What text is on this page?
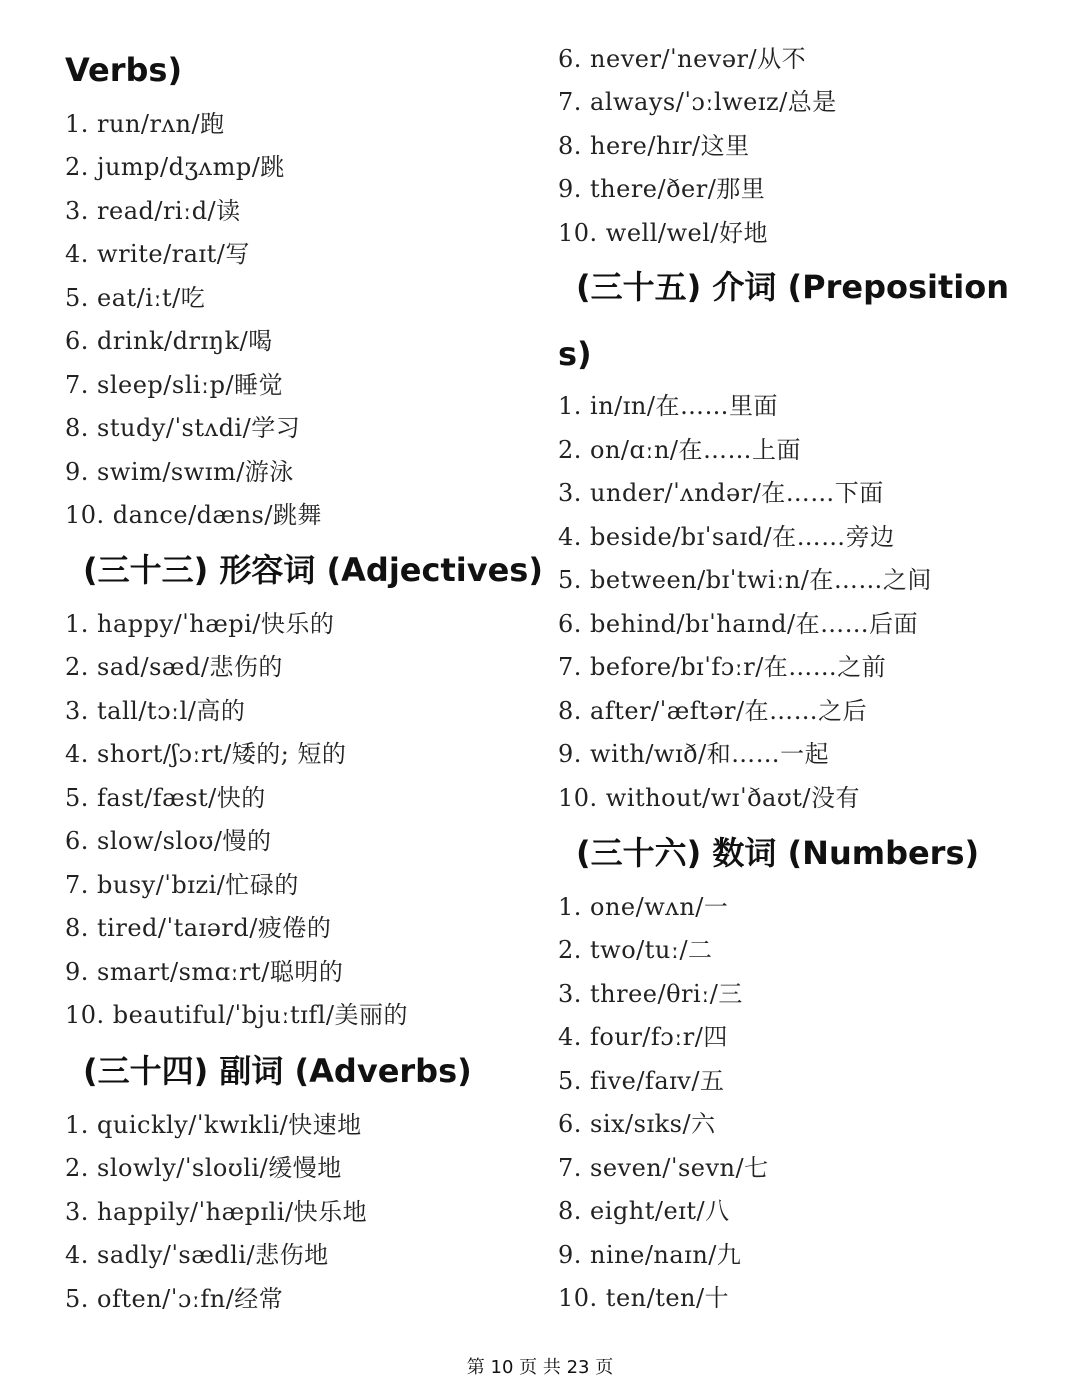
Verbs)
1. run/rʌn/跑
2. jump/dʒʌmp/跳
3. read/riːd/读
4. write/raɪt/写
5. eat/iːt/吃
6. drink/drɪŋk/喝
7. sleep/sliːp/睡觉
8. study/ˈstʌdi/学习
9. swim/swɪm/游泳
10. dance/dæns/跳舞
(三十三) 形容词 (Adjectives)
1. happy/ˈhæpi/快乐的
2. sad/sæd/悲伤的
3. tall/tɔːl/高的
4. short/ʃɔːrt/矮的; 短的
5. fast/fæst/快的
6. slow/sloʊ/慢的
7. busy/ˈbɪzi/忙碌的
8. tired/ˈtaɪərd/疲倦的
9. smart/smɑːrt/聪明的
10. beautiful/ˈbjuːtɪfl/美丽的
(三十四) 副词 (Adverbs)
1. quickly/ˈkwɪkli/快速地
2. slowly/ˈsloʊli/缓慢地
3. happily/ˈhæpɪli/快乐地
4. sadly/ˈsædli/悲伤地
5. often/ˈɔːfn/经常
6. never/ˈnevər/从不
7. always/ˈɔːlweɪz/总是
8. here/hɪr/这里
9. there/ðer/那里
10. well/wel/好地
(三十五) 介词 (Preposition
s)
1. in/ɪn/在……里面
2. on/ɑːn/在……上面
3. under/ˈʌndər/在……下面
4. beside/bɪˈsaɪd/在……旁边
5. between/bɪˈtwiːn/在……之间
6. behind/bɪˈhaɪnd/在……后面
7. before/bɪˈfɔːr/在……之前
8. after/ˈæftər/在……之后
9. with/wɪð/和……一起
10. without/wɪˈðaʊt/没有
(三十六) 数词 (Numbers)
1. one/wʌn/一
2. two/tuː/二
3. three/θriː/三
4. four/fɔːr/四
5. five/faɪv/五
6. six/sɪks/六
7. seven/ˈsevn/七
8. eight/eɪt/八
9. nine/naɪn/九
10. ten/ten/十
第 10 页 共 23 页
